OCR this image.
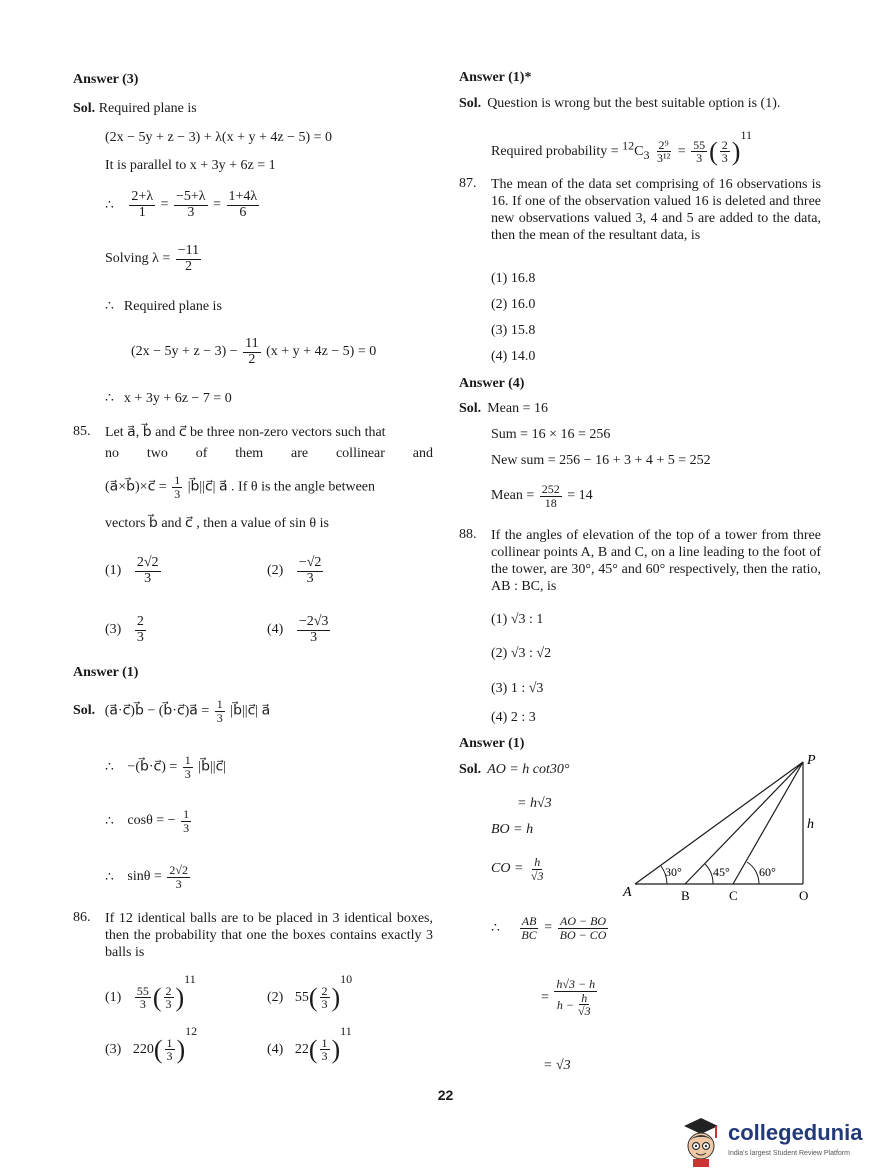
Answer (3)
Sol. Required plane is
(2x − 5y + z − 3) + λ(x + y + 4z − 5) = 0
It is parallel to x + 3y + 6z = 1
∴ $\frac{2+\lambda}{1} = \frac{-5+\lambda}{3} = \frac{1+4\lambda}{6}$
Solving $\lambda = \frac{-11}{2}$
∴ Required plane is
$(2x - 5y + z - 3) - \frac{11}{2} (x + y + 4z - 5) = 0$
∴ x + 3y + 6z − 7 = 0
85. Let a⃗, b⃗ and c⃗ be three non-zero vectors such that
no two of them are collinear and
(a⃗×b⃗)×c⃗ = $\frac{1}{3}$ |b⃗||c⃗| a⃗ . If θ is the angle between
vectors b⃗ and c⃗ , then a value of sin θ is
$(1) \frac{2√2}{3}$	$(2) \frac{-√2}{3}$
$(3) \frac{2}{3}$	$(4) \frac{-2√3}{3}$
Answer (1)
Sol. (a⃗·c⃗)b⃗ − (b⃗·c⃗)a⃗ = $\frac{1}{3}$ |b⃗||c⃗| a⃗
∴ −(b⃗·c⃗) = $\frac{1}{3}$ |b⃗||c⃗|
∴ cosθ = − $\frac{1}{3}$
∴ $\sin\theta = \frac{2√2}{3}$
86. If 12 identical balls are to be placed in 3 identical boxes, then the probability that one the boxes contains exactly 3 balls is
$(1) \frac{55}{3}$ ( $\frac{2}{3} )^{11}$
(2) $55( \frac{2}{3} )^{10}$
(3) $220( \frac{1}{3} )^{12}$
(4) $22( \frac{1}{3} )^{11}$
Answer (1)*
Sol. Question is wrong but the best suitable option is (1).
Required probability = $^{12}C_3 \frac{\text{2⁹}}{\text{3¹²}} = \frac{55}{3}$ ( $\frac{2}{3} )^{11}$
87. The mean of the data set comprising of 16 observations is 16. If one of the observation valued 16 is deleted and three new observations valued 3, 4 and 5 are added to the data, then the mean of the resultant data, is
(1) 16.8
(2) 16.0
(3) 15.8
(4) 14.0
Answer (4)
Sol. Mean = 16
Sum = 16 × 16 = 256
New sum = 256 − 16 + 3 + 4 + 5 = 252
Mean = $\frac{252}{18} = 14$
88. If the angles of elevation of the top of a tower from three collinear points A, B and C, on a line leading to the foot of the tower, are 30°, 45° and 60° respectively, then the ratio, AB : BC, is
(1) √3 : 1
(2) √3 : √2
(3) 1 : √3
(4) 2 : 3
Answer (1)
Sol. AO = h cot30°
= h√3
BO = h
CO = $\frac{h}{√3}$
∴ $\frac{AB}{BC} = \frac{AO - BO}{BO - CO}$
= $\frac{h√3 - h}{h - \frac{h}{√3}}$
= √3
P
h
A	B	C	O
30°	45° 60°
22
collegedunia
India's largest Student Review Platform
